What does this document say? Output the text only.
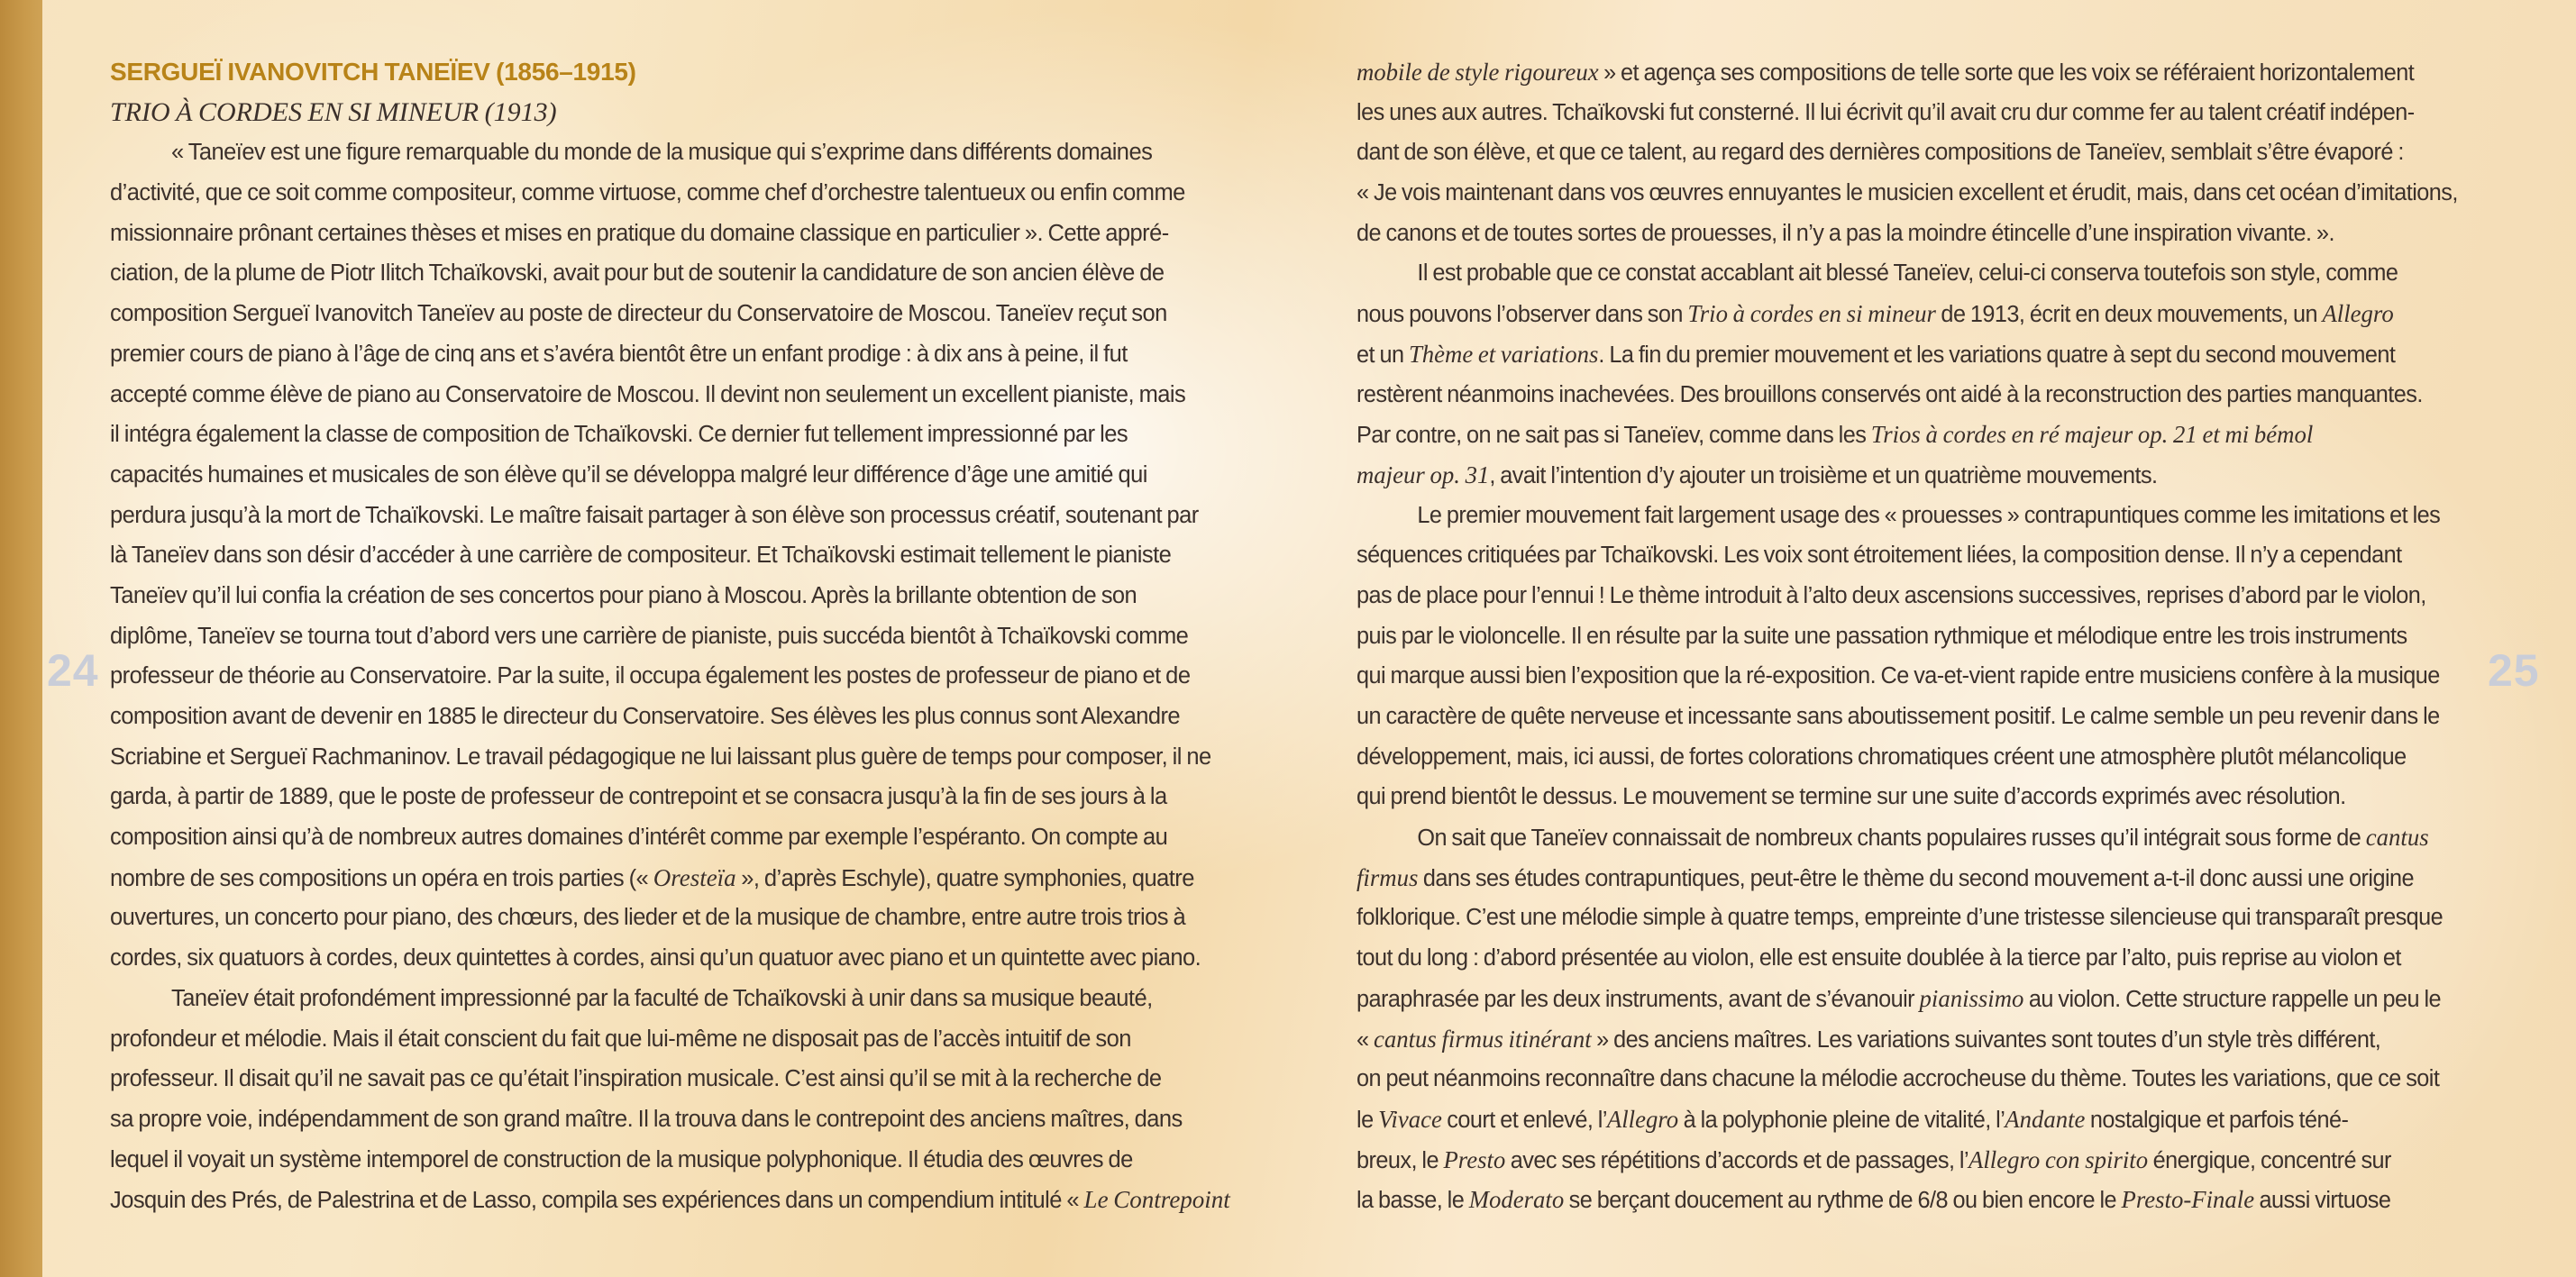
24	25
SERGUEÏ IVANOVITCH TANEÏEV (1856–1915)
TRIO À CORDES EN SI MINEUR (1913)
« Taneïev est une figure remarquable du monde de la musique qui s’exprime dans différents domaines
d’activité, que ce soit comme compositeur, comme virtuose, comme chef d’orchestre talentueux ou enfin comme
missionnaire prônant certaines thèses et mises en pratique du domaine classique en particulier ». Cette appré-
ciation, de la plume de Piotr Ilitch Tchaïkovski, avait pour but de soutenir la candidature de son ancien élève de
composition Sergueï Ivanovitch Taneïev au poste de directeur du Conservatoire de Moscou. Taneïev reçut son
premier cours de piano à l’âge de cinq ans et s’avéra bientôt être un enfant prodige : à dix ans à peine, il fut
accepté comme élève de piano au Conservatoire de Moscou. Il devint non seulement un excellent pianiste, mais
il intégra également la classe de composition de Tchaïkovski. Ce dernier fut tellement impressionné par les
capacités humaines et musicales de son élève qu’il se développa malgré leur différence d’âge une amitié qui
perdura jusqu’à la mort de Tchaïkovski. Le maître faisait partager à son élève son processus créatif, soutenant par
là Taneïev dans son désir d’accéder à une carrière de compositeur. Et Tchaïkovski estimait tellement le pianiste
Taneïev qu’il lui confia la création de ses concertos pour piano à Moscou. Après la brillante obtention de son
diplôme, Taneïev se tourna tout d’abord vers une carrière de pianiste, puis succéda bientôt à Tchaïkovski comme
professeur de théorie au Conservatoire. Par la suite, il occupa également les postes de professeur de piano et de
composition avant de devenir en 1885 le directeur du Conservatoire. Ses élèves les plus connus sont Alexandre
Scriabine et Sergueï Rachmaninov. Le travail pédagogique ne lui laissant plus guère de temps pour composer, il ne
garda, à partir de 1889, que le poste de professeur de contrepoint et se consacra jusqu’à la fin de ses jours à la
composition ainsi qu’à de nombreux autres domaines d’intérêt comme par exemple l’espéranto. On compte au
nombre de ses compositions un opéra en trois parties (« Oresteïa », d’après Eschyle), quatre symphonies, quatre
ouvertures, un concerto pour piano, des chœurs, des lieder et de la musique de chambre, entre autre trois trios à
cordes, six quatuors à cordes, deux quintettes à cordes, ainsi qu’un quatuor avec piano et un quintette avec piano.
Taneïev était profondément impressionné par la faculté de Tchaïkovski à unir dans sa musique beauté,
profondeur et mélodie. Mais il était conscient du fait que lui-même ne disposait pas de l’accès intuitif de son
professeur. Il disait qu’il ne savait pas ce qu’était l’inspiration musicale. C’est ainsi qu’il se mit à la recherche de
sa propre voie, indépendamment de son grand maître. Il la trouva dans le contrepoint des anciens maîtres, dans
lequel il voyait un système intemporel de construction de la musique polyphonique. Il étudia des œuvres de
Josquin des Prés, de Palestrina et de Lasso, compila ses expériences dans un compendium intitulé « Le Contrepoint
mobile de style rigoureux » et agença ses compositions de telle sorte que les voix se référaient horizontalement
les unes aux autres. Tchaïkovski fut consterné. Il lui écrivit qu’il avait cru dur comme fer au talent créatif indépen-
dant de son élève, et que ce talent, au regard des dernières compositions de Taneïev, semblait s’être évaporé :
« Je vois maintenant dans vos œuvres ennuyantes le musicien excellent et érudit, mais, dans cet océan d’imitations,
de canons et de toutes sortes de prouesses, il n’y a pas la moindre étincelle d’une inspiration vivante. ».
Il est probable que ce constat accablant ait blessé Taneïev, celui-ci conserva toutefois son style, comme
nous pouvons l’observer dans son Trio à cordes en si mineur de 1913, écrit en deux mouvements, un Allegro
et un Thème et variations. La fin du premier mouvement et les variations quatre à sept du second mouvement
restèrent néanmoins inachevées. Des brouillons conservés ont aidé à la reconstruction des parties manquantes.
Par contre, on ne sait pas si Taneïev, comme dans les Trios à cordes en ré majeur op. 21 et mi bémol
majeur op. 31, avait l’intention d’y ajouter un troisième et un quatrième mouvements.
Le premier mouvement fait largement usage des « prouesses » contrapuntiques comme les imitations et les
séquences critiquées par Tchaïkovski. Les voix sont étroitement liées, la composition dense. Il n’y a cependant
pas de place pour l’ennui ! Le thème introduit à l’alto deux ascensions successives, reprises d’abord par le violon,
puis par le violoncelle. Il en résulte par la suite une passation rythmique et mélodique entre les trois instruments
qui marque aussi bien l’exposition que la ré-exposition. Ce va-et-vient rapide entre musiciens confère à la musique
un caractère de quête nerveuse et incessante sans aboutissement positif. Le calme semble un peu revenir dans le
développement, mais, ici aussi, de fortes colorations chromatiques créent une atmosphère plutôt mélancolique
qui prend bientôt le dessus. Le mouvement se termine sur une suite d’accords exprimés avec résolution.
On sait que Taneïev connaissait de nombreux chants populaires russes qu’il intégrait sous forme de cantus
firmus dans ses études contrapuntiques, peut-être le thème du second mouvement a-t-il donc aussi une origine
folklorique. C’est une mélodie simple à quatre temps, empreinte d’une tristesse silencieuse qui transparaît presque
tout du long : d’abord présentée au violon, elle est ensuite doublée à la tierce par l’alto, puis reprise au violon et
paraphrasée par les deux instruments, avant de s’évanouir pianissimo au violon. Cette structure rappelle un peu le
« cantus firmus itinérant » des anciens maîtres. Les variations suivantes sont toutes d’un style très différent,
on peut néanmoins reconnaître dans chacune la mélodie accrocheuse du thème. Toutes les variations, que ce soit
le Vivace court et enlevé, l’Allegro à la polyphonie pleine de vitalité, l’Andante nostalgique et parfois téné-
breux, le Presto avec ses répétitions d’accords et de passages, l’Allegro con spirito énergique, concentré sur
la basse, le Moderato se berçant doucement au rythme de 6/8 ou bien encore le Presto-Finale aussi virtuose
